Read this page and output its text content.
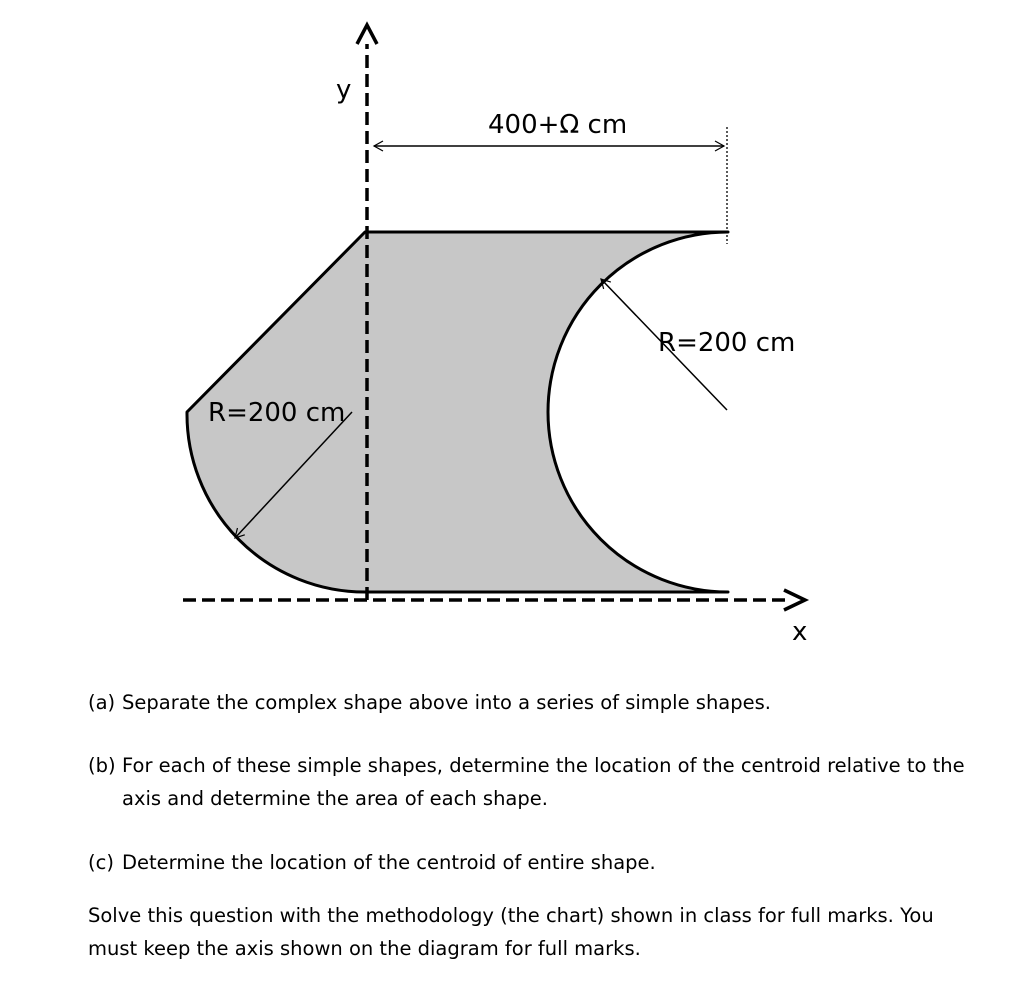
y
x
400+Ω cm
R=200 cm
R=200 cm
(a) Separate the complex shape above into a series of simple shapes.
(b) For each of these simple shapes, determine the location of the centroid relative to the axis and determine the area of each shape.
(c) Determine the location of the centroid of entire shape.

Solve this question with the methodology (the chart) shown in class for full marks. You must keep the axis shown on the diagram for full marks.
